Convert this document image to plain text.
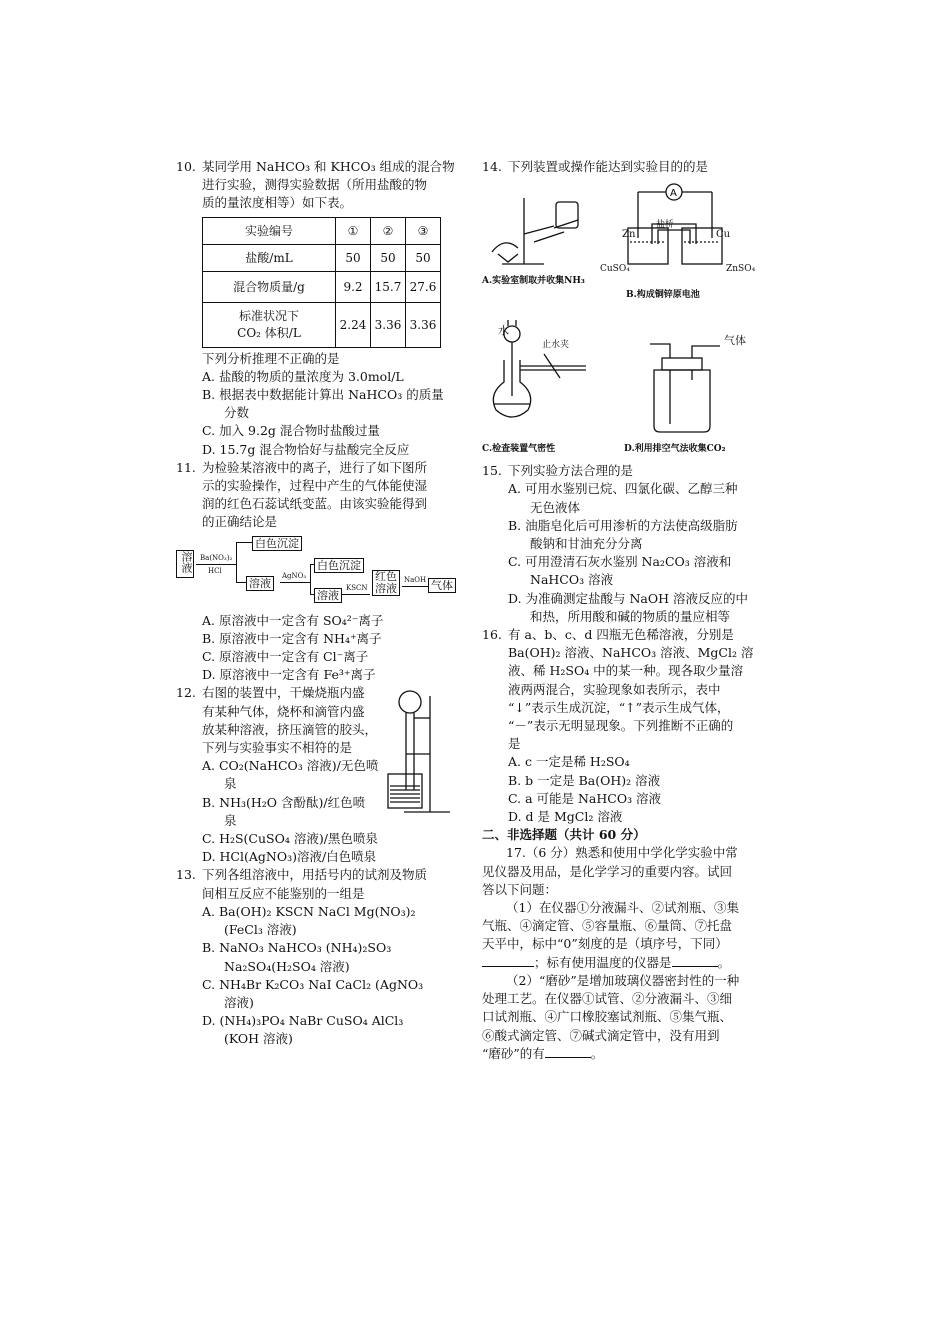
10. 某同学用 NaHCO₃ 和 KHCO₃ 组成的混合物

进行实验，测得实验数据（所用盐酸的物

质的量浓度相等）如下表。

实验编号	①	②	③
盐酸/mL	50	50	50
混合物质量/g	9.2	15.7	27.6
标准状况下
CO₂ 体积/L	2.24	3.36	3.36

下列分析推理不正确的是

A. 盐酸的物质的量浓度为 3.0mol/L

B. 根据表中数据能计算出 NaHCO₃ 的质量

分数

C. 加入 9.2g 混合物时盐酸过量

D. 15.7g 混合物恰好与盐酸完全反应

11. 为检验某溶液中的离子，进行了如下图所

示的实验操作，过程中产生的气体能使湿

润的红色石蕊试纸变蓝。由该实验能得到

的正确结论是

溶液 Ba(NO₃)₂
HCl
白色沉淀
溶液
AgNO₃
白色沉淀
溶液
KSCN
红色
溶液
NaOH 气体

A. 原溶液中一定含有 SO₄²⁻离子

B. 原溶液中一定含有 NH₄⁺离子

C. 原溶液中一定含有 Cl⁻离子

D. 原溶液中一定含有 Fe³⁺离子

12. 右图的装置中，干燥烧瓶内盛

有某种气体，烧杯和滴管内盛

放某种溶液，挤压滴管的胶头，

下列与实验事实不相符的是

A. CO₂(NaHCO₃ 溶液)/无色喷

泉

B. NH₃(H₂O 含酚酞)/红色喷

泉

C. H₂S(CuSO₄ 溶液)/黑色喷泉

D. HCl(AgNO₃)溶液/白色喷泉

13. 下列各组溶液中，用括号内的试剂及物质

间相互反应不能鉴别的一组是

A. Ba(OH)₂ KSCN NaCl Mg(NO₃)₂

(FeCl₃ 溶液)

B. NaNO₃ NaHCO₃ (NH₄)₂SO₃

Na₂SO₄(H₂SO₄ 溶液)

C. NH₄Br K₂CO₃ NaI CaCl₂ (AgNO₃

溶液)

D. (NH₄)₃PO₄ NaBr CuSO₄ AlCl₃

(KOH 溶液)

14. 下列装置或操作能达到实验目的的是

A.实验室制取并收集NH₃
A
盐桥
Zn	Cu
CuSO₄	ZnSO₄
B.构成铜锌原电池
水
止水夹
C.检查装置气密性
气体
D.利用排空气法收集CO₂

15. 下列实验方法合理的是

A. 可用水鉴别已烷、四氯化碳、乙醇三种

无色液体

B. 油脂皂化后可用渗析的方法使高级脂肪

酸钠和甘油充分分离

C. 可用澄清石灰水鉴别 Na₂CO₃ 溶液和

NaHCO₃ 溶液

D. 为准确测定盐酸与 NaOH 溶液反应的中

和热，所用酸和碱的物质的量应相等

16. 有 a、b、c、d 四瓶无色稀溶液，分别是

Ba(OH)₂ 溶液、NaHCO₃ 溶液、MgCl₂ 溶

液、稀 H₂SO₄ 中的某一种。现各取少量溶

液两两混合，实验现象如表所示，表中

“↓”表示生成沉淀，“↑”表示生成气体，

“－”表示无明显现象。下列推断不正确的

是

A. c 一定是稀 H₂SO₄

B. b 一定是 Ba(OH)₂ 溶液

C. a 可能是 NaHCO₃ 溶液

D. d 是 MgCl₂ 溶液

二、非选择题（共计 60 分）

17.（6 分）熟悉和使用中学化学实验中常

见仪器及用品，是化学学习的重要内容。试回

答以下问题：

（1）在仪器①分液漏斗、②试剂瓶、③集

气瓶、④滴定管、⑤容量瓶、⑥量筒、⑦托盘

天平中，标中“0”刻度的是（填序号，下同）

；标有使用温度的仪器是	。

（2）“磨砂”是增加玻璃仪器密封性的一种

处理工艺。在仪器①试管、②分液漏斗、③细

口试剂瓶、④广口橡胶塞试剂瓶、⑤集气瓶、

⑥酸式滴定管、⑦碱式滴定管中，没有用到

“磨砂”的有	。
